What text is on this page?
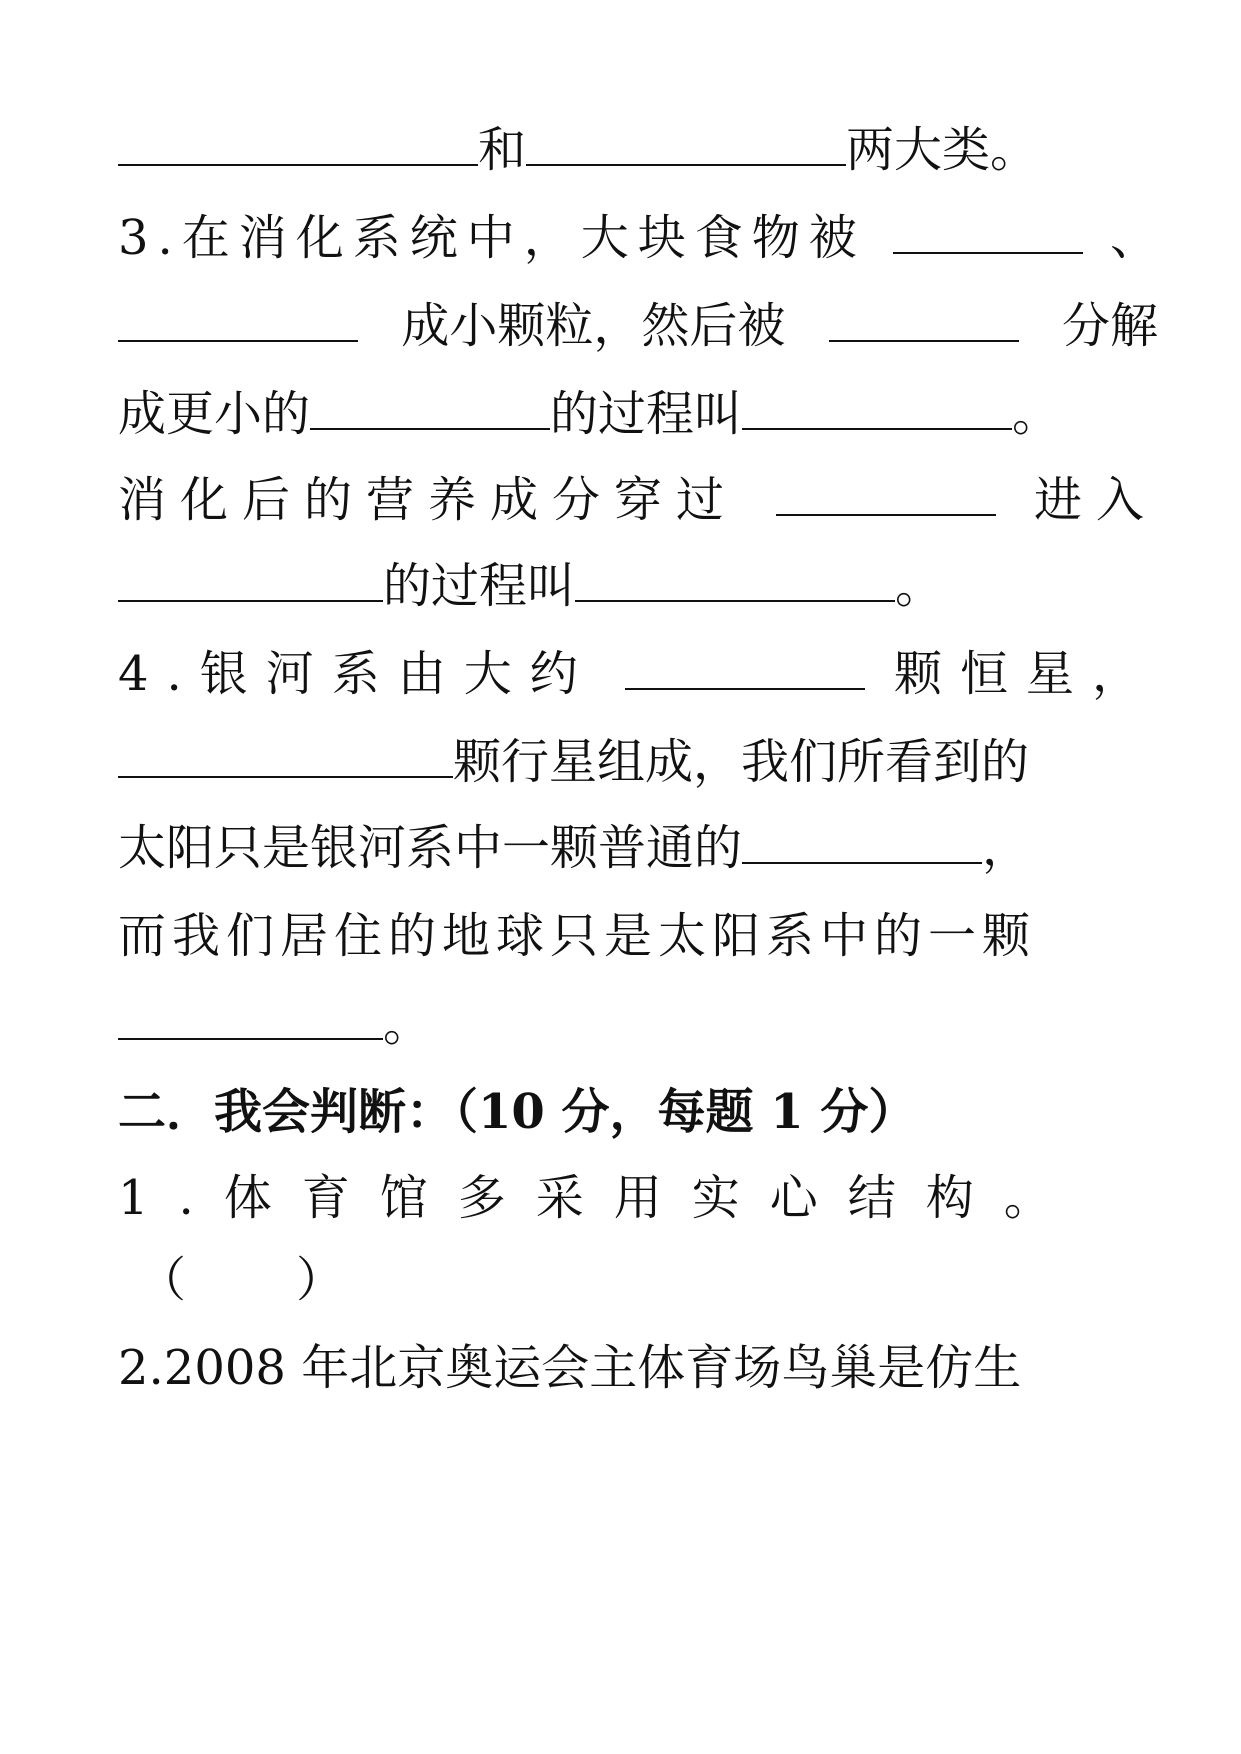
和	两大类。
3.在消化系统中，大块食物被	、
成小颗粒，然后被	分解
成更小的	的过程叫	。
消化后的营养成分穿过	进入
的过程叫	。
4.银河系由大约	颗恒星，
颗行星组成，我们所看到的
太阳只是银河系中一颗普通的	，
而我们居住的地球只是太阳系中的一颗
。
二．我会判断：（10 分，每题 1 分）
1.体育馆多采用实心结构。
（ ）
2.2008 年北京奥运会主体育场鸟巢是仿生
